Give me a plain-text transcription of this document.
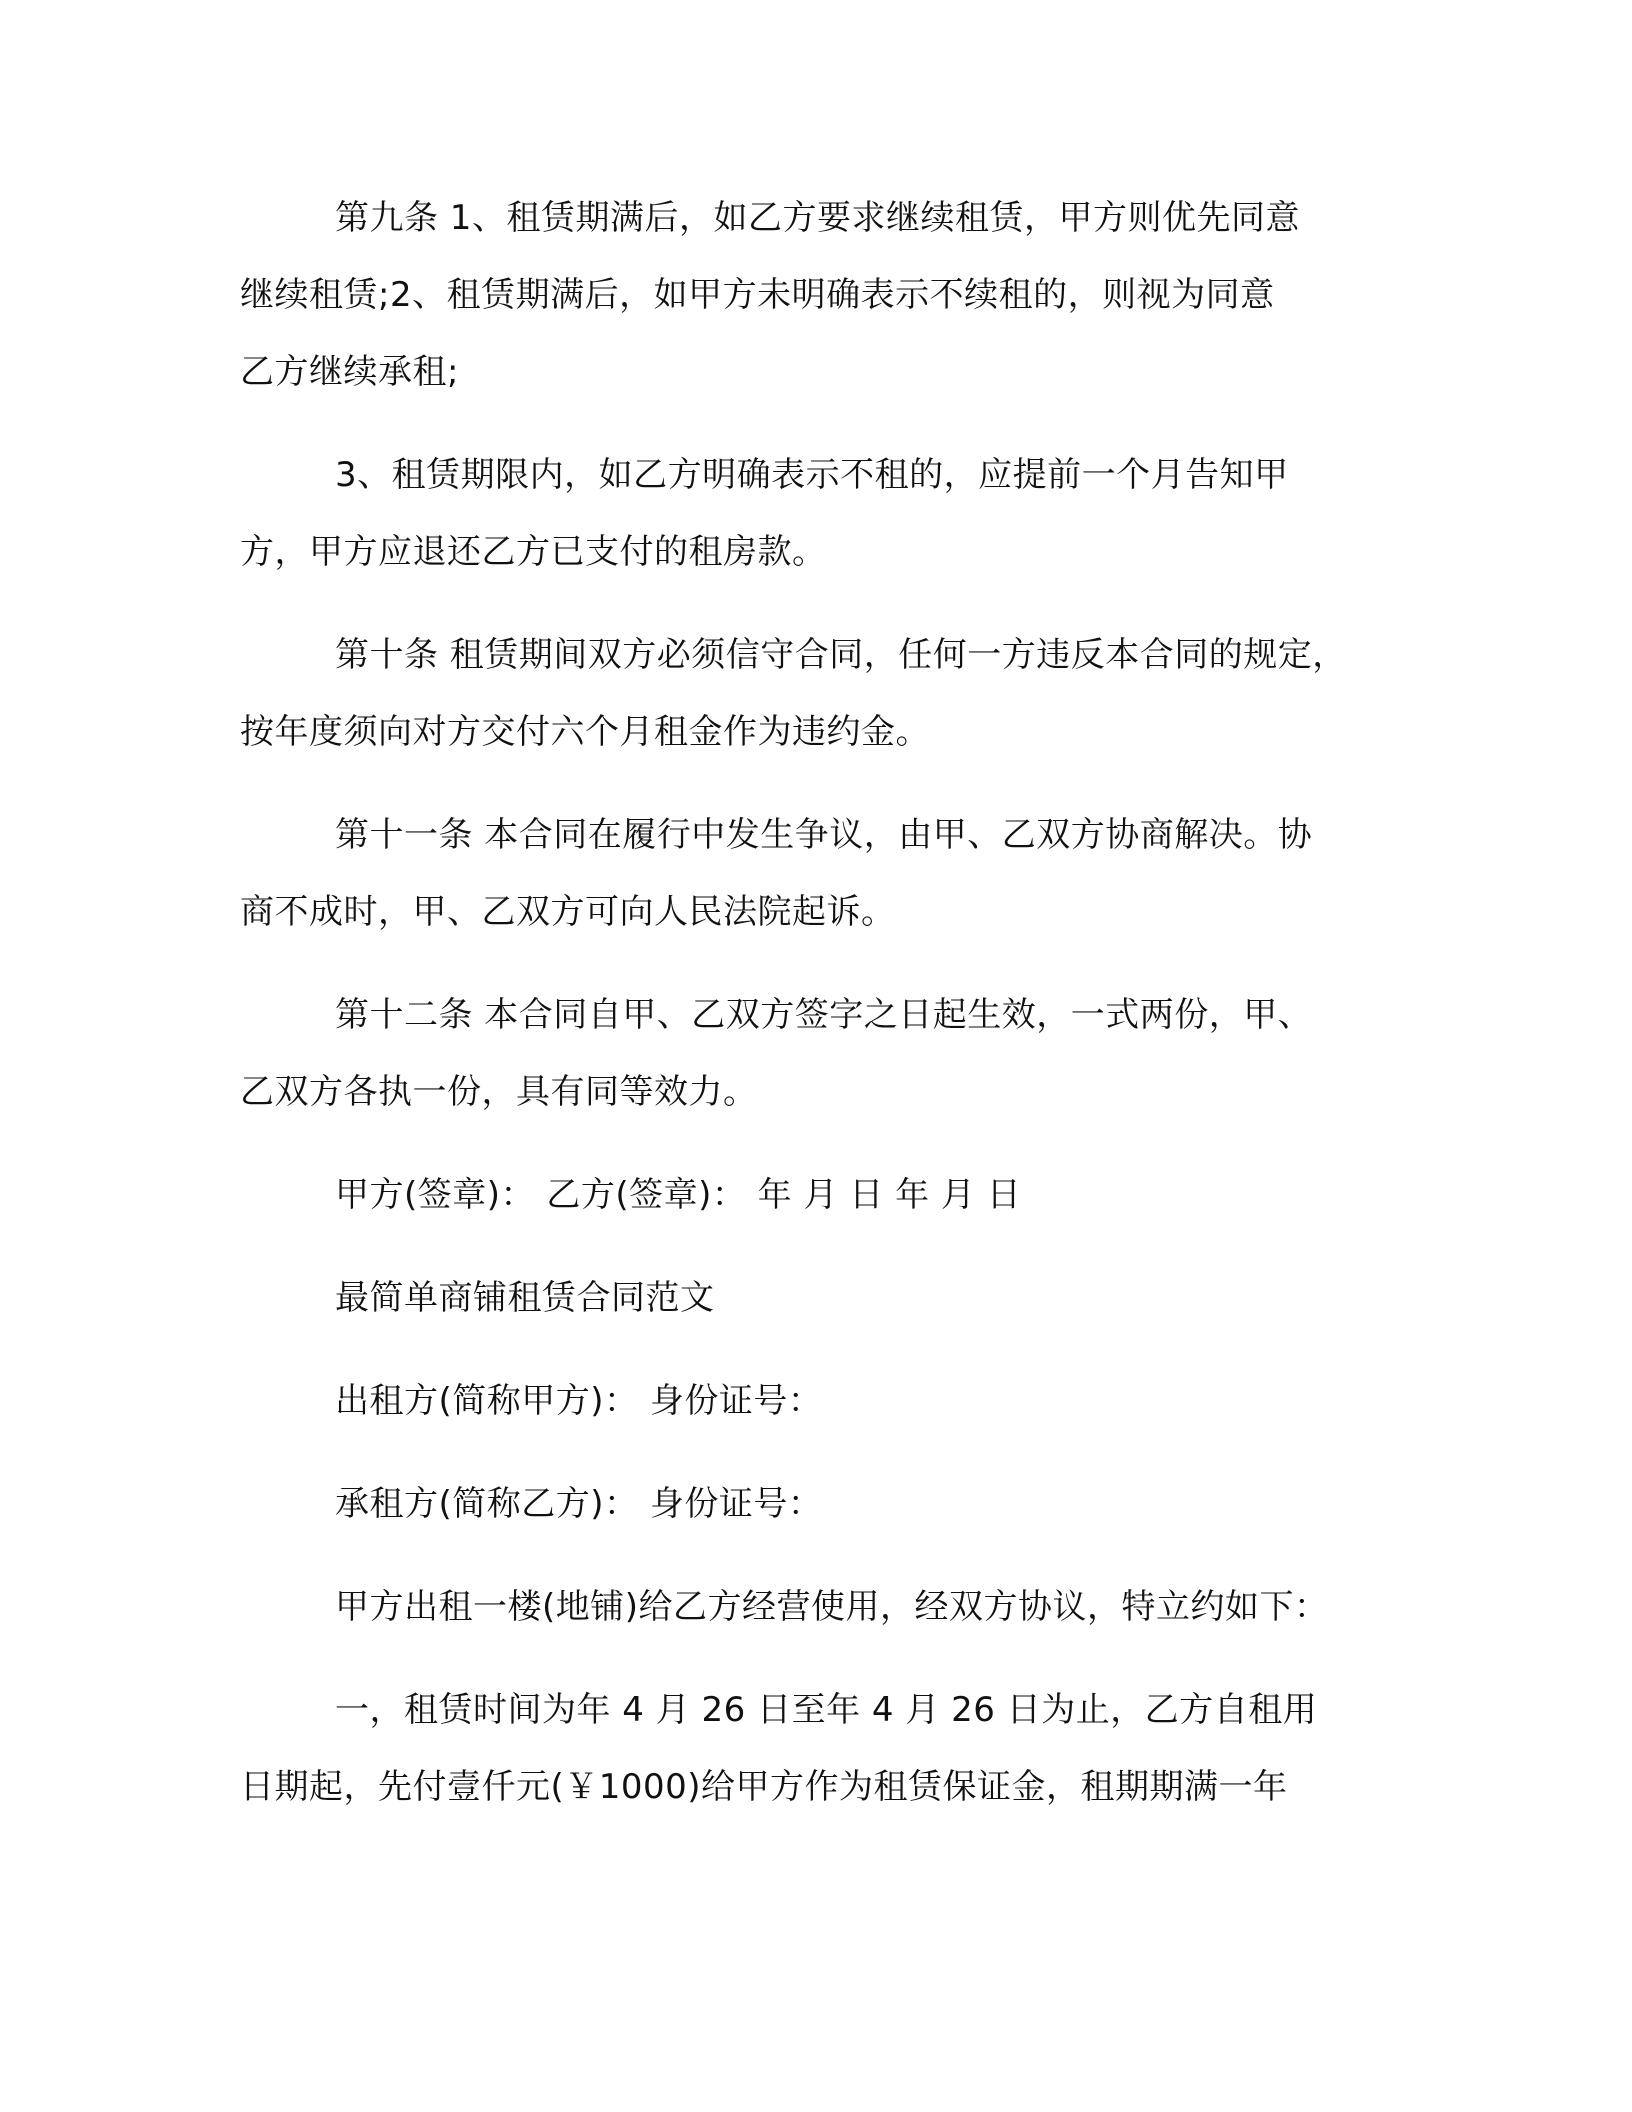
第九条 1、租赁期满后，如乙方要求继续租赁，甲方则优先同意
继续租赁;2、租赁期满后，如甲方未明确表示不续租的，则视为同意
乙方继续承租;
3、租赁期限内，如乙方明确表示不租的，应提前一个月告知甲
方，甲方应退还乙方已支付的租房款。
第十条 租赁期间双方必须信守合同，任何一方违反本合同的规定，
按年度须向对方交付六个月租金作为违约金。
第十一条 本合同在履行中发生争议，由甲、乙双方协商解决。协
商不成时，甲、乙双方可向人民法院起诉。
第十二条 本合同自甲、乙双方签字之日起生效，一式两份，甲、
乙双方各执一份，具有同等效力。
甲方(签章)： 乙方(签章)： 年 月 日 年 月 日
最简单商铺租赁合同范文
出租方(简称甲方)： 身份证号：
承租方(简称乙方)： 身份证号：
甲方出租一楼(地铺)给乙方经营使用，经双方协议，特立约如下：
一，租赁时间为年 4 月 26 日至年 4 月 26 日为止，乙方自租用
日期起，先付壹仟元(￥1000)给甲方作为租赁保证金，租期期满一年
